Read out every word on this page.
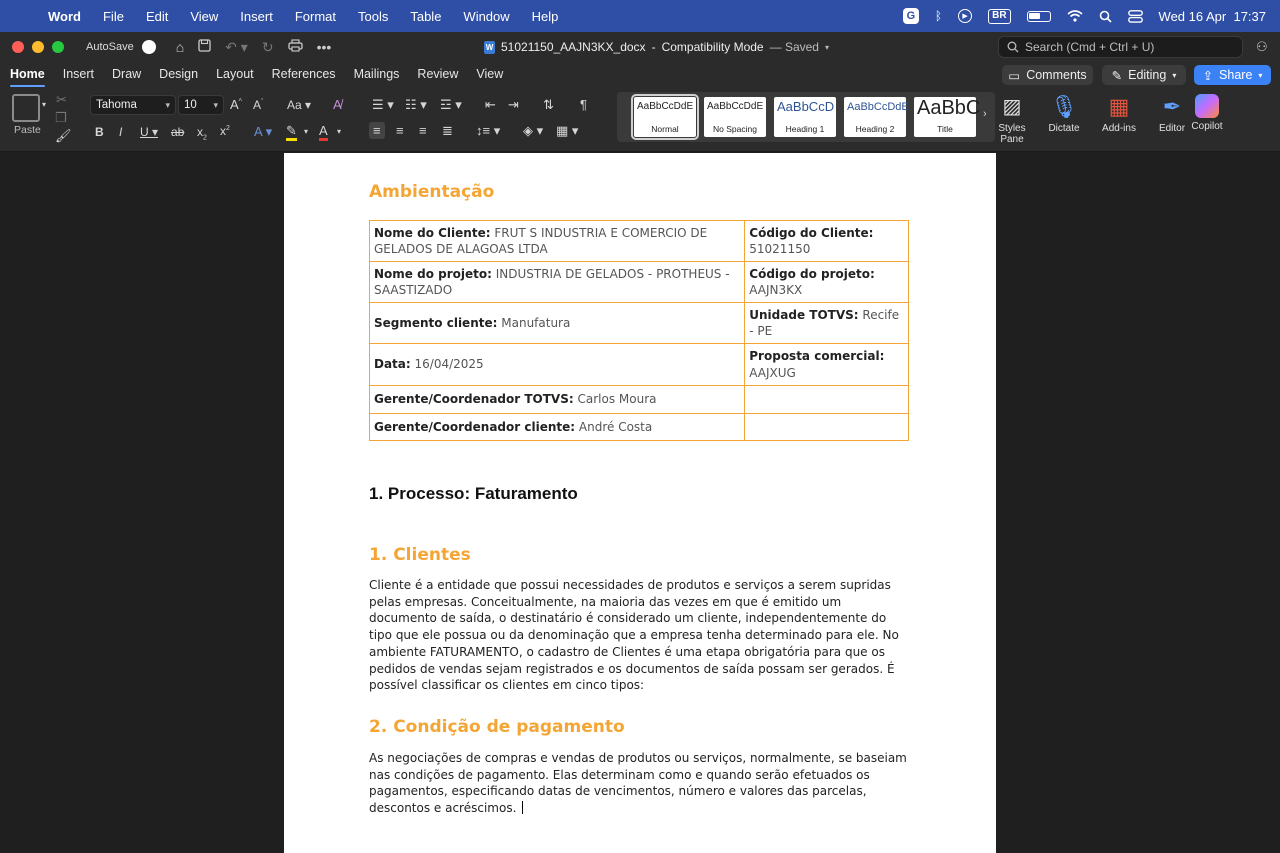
Word File Edit View Insert Format Tools Table Window Help	G	ᛒ	▶	BR	Wed 16 Apr  17:37
AutoSave	⌂	↶ ▾ ↻	•••	W 51021150_AAJN3KX_docx - Compatibility Mode — Saved ▾	Search (Cmd + Ctrl + U)	⚇
Home Insert Draw Design Layout References Mailings Review View	▭ Comments ✎ Editing ▾ ⇪ Share ▾
▾
Paste
✂
❐
🖌
Tahoma	▾ 10 ▾ A^ $A^ˇ$ Aa ▾ A̸
B I U ▾ ab $x_2$ $x^2$ A ▾ ✎ ▾ A ▾
☰ ▾ ☷ ▾ ☲ ▾ ⇤ ⇥ ⇅ ¶
≡	≡ ≡ ≣ ↕≡ ▾ ◈ ▾ ▦ ▾
AaBbCcDdE
Normal
AaBbCcDdE
No Spacing
AaBbCcD
Heading 1
AaBbCcDdE
Heading 2
AaBbC
Title
› ▨
Styles Pane
🎙
Dictate
▦
Add-ins
✒
Editor Copilot
Ambientação
Nome do Cliente: FRUT S INDUSTRIA E COMERCIO DE GELADOS DE ALAGOAS LTDA	Código do Cliente:
51021150
Nome do projeto: INDUSTRIA DE GELADOS - PROTHEUS - SAASTIZADO	Código do projeto:
AAJN3KX
Segmento cliente: Manufatura	Unidade TOTVS: Recife - PE
Data: 16/04/2025	Proposta comercial:
AAJXUG
Gerente/Coordenador TOTVS: Carlos Moura	
Gerente/Coordenador cliente: André Costa	
1. Processo: Faturamento
1. Clientes
Cliente é a entidade que possui necessidades de produtos e serviços a serem supridas pelas empresas. Conceitualmente, na maioria das vezes em que é emitido um documento de saída, o destinatário é considerado um cliente, independentemente do tipo que ele possua ou da denominação que a empresa tenha determinado para ele. No ambiente FATURAMENTO, o cadastro de Clientes é uma etapa obrigatória para que os pedidos de vendas sejam registrados e os documentos de saída possam ser gerados. É possível classificar os clientes em cinco tipos:
2. Condição de pagamento
As negociações de compras e vendas de produtos ou serviços, normalmente, se baseiam nas condições de pagamento. Elas determinam como e quando serão efetuados os pagamentos, especificando datas de vencimentos, número e valores das parcelas, descontos e acréscimos.
